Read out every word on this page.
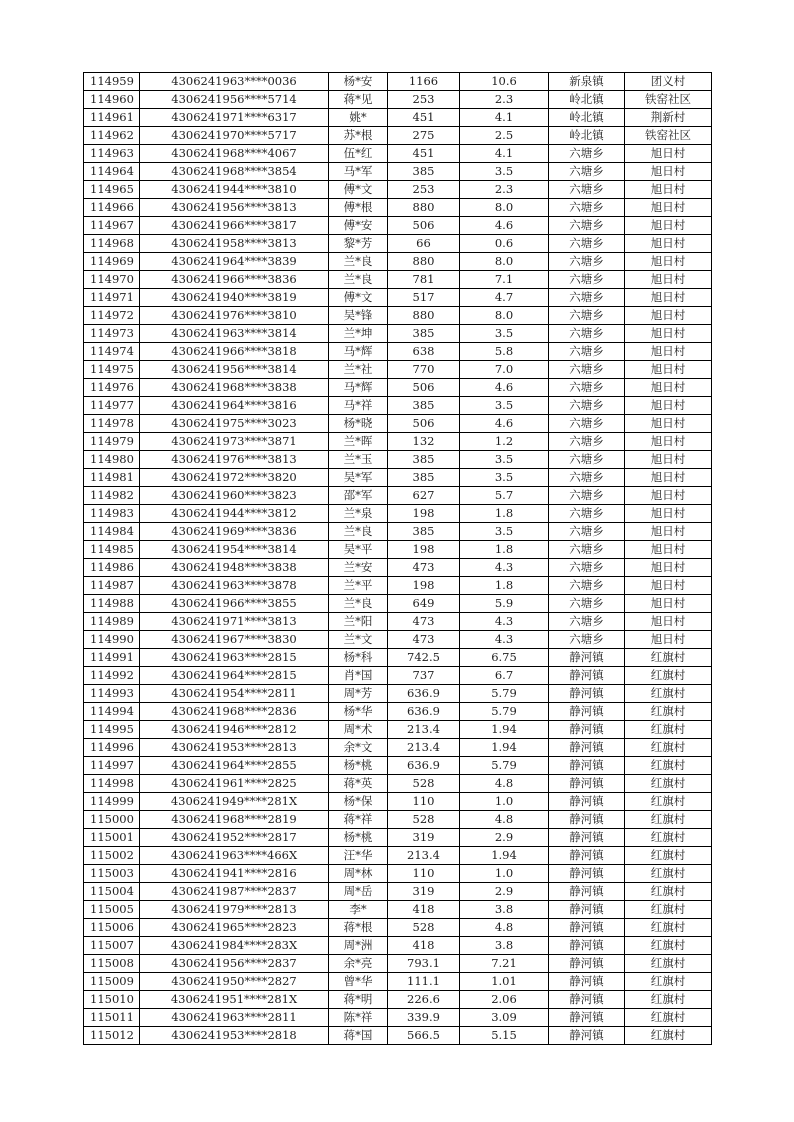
114959	4306241963****0036	杨*安	1166	10.6	新泉镇	团义村
114960	4306241956****5714	蒋*见	253	2.3	岭北镇	铁窑社区
114961	4306241971****6317	姚*	451	4.1	岭北镇	荆新村
114962	4306241970****5717	苏*根	275	2.5	岭北镇	铁窑社区
114963	4306241968****4067	伍*红	451	4.1	六塘乡	旭日村
114964	4306241968****3854	马*军	385	3.5	六塘乡	旭日村
114965	4306241944****3810	傅*文	253	2.3	六塘乡	旭日村
114966	4306241956****3813	傅*根	880	8.0	六塘乡	旭日村
114967	4306241966****3817	傅*安	506	4.6	六塘乡	旭日村
114968	4306241958****3813	黎*芳	66	0.6	六塘乡	旭日村
114969	4306241964****3839	兰*良	880	8.0	六塘乡	旭日村
114970	4306241966****3836	兰*良	781	7.1	六塘乡	旭日村
114971	4306241940****3819	傅*文	517	4.7	六塘乡	旭日村
114972	4306241976****3810	吴*锋	880	8.0	六塘乡	旭日村
114973	4306241963****3814	兰*坤	385	3.5	六塘乡	旭日村
114974	4306241966****3818	马*辉	638	5.8	六塘乡	旭日村
114975	4306241956****3814	兰*社	770	7.0	六塘乡	旭日村
114976	4306241968****3838	马*辉	506	4.6	六塘乡	旭日村
114977	4306241964****3816	马*祥	385	3.5	六塘乡	旭日村
114978	4306241975****3023	杨*晓	506	4.6	六塘乡	旭日村
114979	4306241973****3871	兰*晖	132	1.2	六塘乡	旭日村
114980	4306241976****3813	兰*玉	385	3.5	六塘乡	旭日村
114981	4306241972****3820	吴*军	385	3.5	六塘乡	旭日村
114982	4306241960****3823	邵*军	627	5.7	六塘乡	旭日村
114983	4306241944****3812	兰*泉	198	1.8	六塘乡	旭日村
114984	4306241969****3836	兰*良	385	3.5	六塘乡	旭日村
114985	4306241954****3814	吴*平	198	1.8	六塘乡	旭日村
114986	4306241948****3838	兰*安	473	4.3	六塘乡	旭日村
114987	4306241963****3878	兰*平	198	1.8	六塘乡	旭日村
114988	4306241966****3855	兰*良	649	5.9	六塘乡	旭日村
114989	4306241971****3813	兰*阳	473	4.3	六塘乡	旭日村
114990	4306241967****3830	兰*文	473	4.3	六塘乡	旭日村
114991	4306241963****2815	杨*科	742.5	6.75	静河镇	红旗村
114992	4306241964****2815	肖*国	737	6.7	静河镇	红旗村
114993	4306241954****2811	周*芳	636.9	5.79	静河镇	红旗村
114994	4306241968****2836	杨*华	636.9	5.79	静河镇	红旗村
114995	4306241946****2812	周*术	213.4	1.94	静河镇	红旗村
114996	4306241953****2813	余*文	213.4	1.94	静河镇	红旗村
114997	4306241964****2855	杨*桃	636.9	5.79	静河镇	红旗村
114998	4306241961****2825	蒋*英	528	4.8	静河镇	红旗村
114999	4306241949****281X	杨*保	110	1.0	静河镇	红旗村
115000	4306241968****2819	蒋*祥	528	4.8	静河镇	红旗村
115001	4306241952****2817	杨*桃	319	2.9	静河镇	红旗村
115002	4306241963****466X	汪*华	213.4	1.94	静河镇	红旗村
115003	4306241941****2816	周*林	110	1.0	静河镇	红旗村
115004	4306241987****2837	周*岳	319	2.9	静河镇	红旗村
115005	4306241979****2813	李*	418	3.8	静河镇	红旗村
115006	4306241965****2823	蒋*根	528	4.8	静河镇	红旗村
115007	4306241984****283X	周*洲	418	3.8	静河镇	红旗村
115008	4306241956****2837	余*亮	793.1	7.21	静河镇	红旗村
115009	4306241950****2827	曾*华	111.1	1.01	静河镇	红旗村
115010	4306241951****281X	蒋*明	226.6	2.06	静河镇	红旗村
115011	4306241963****2811	陈*祥	339.9	3.09	静河镇	红旗村
115012	4306241953****2818	蒋*国	566.5	5.15	静河镇	红旗村
